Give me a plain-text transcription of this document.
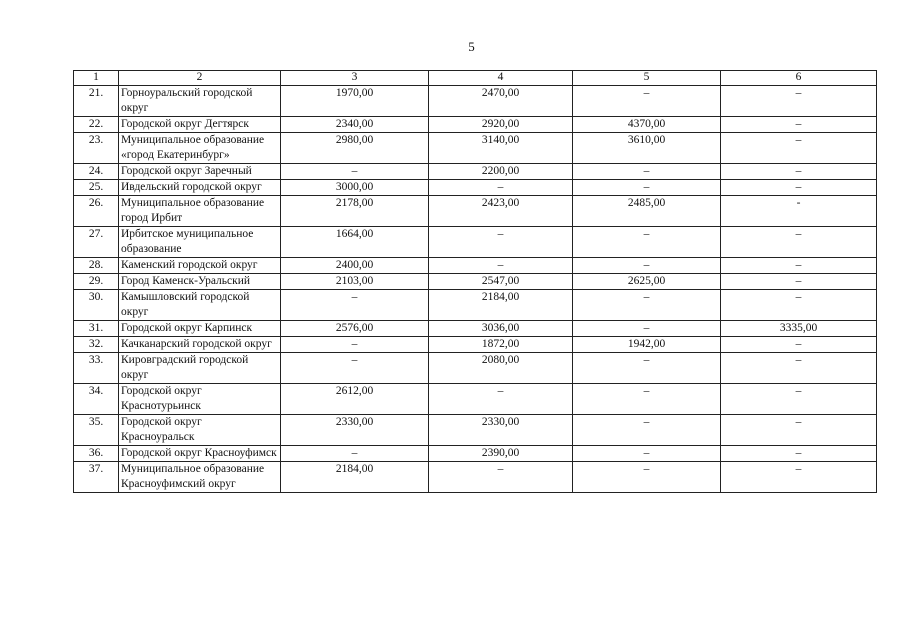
5
1	2	3	4	5	6
21.	Горноуральский городской округ	1970,00	2470,00	–	–
22.	Городской округ Дегтярск	2340,00	2920,00	4370,00	–
23.	Муниципальное образование «город Екатеринбург»	2980,00	3140,00	3610,00	–
24.	Городской округ Заречный	–	2200,00	–	–
25.	Ивдельский городской округ	3000,00	–	–	–
26.	Муниципальное образование город Ирбит	2178,00	2423,00	2485,00	-
27.	Ирбитское муниципальное образование	1664,00	–	–	–
28.	Каменский городской округ	2400,00	–	–	–
29.	Город Каменск-Уральский	2103,00	2547,00	2625,00	–
30.	Камышловский городской округ	–	2184,00	–	–
31.	Городской округ Карпинск	2576,00	3036,00	–	3335,00
32.	Качканарский городской округ	–	1872,00	1942,00	–
33.	Кировградский городской округ	–	2080,00	–	–
34.	Городской округ Краснотурьинск	2612,00	–	–	–
35.	Городской округ Красноуральск	2330,00	2330,00	–	–
36.	Городской округ Красноуфимск	–	2390,00	–	–
37.	Муниципальное образование Красноуфимский округ	2184,00	–	–	–
